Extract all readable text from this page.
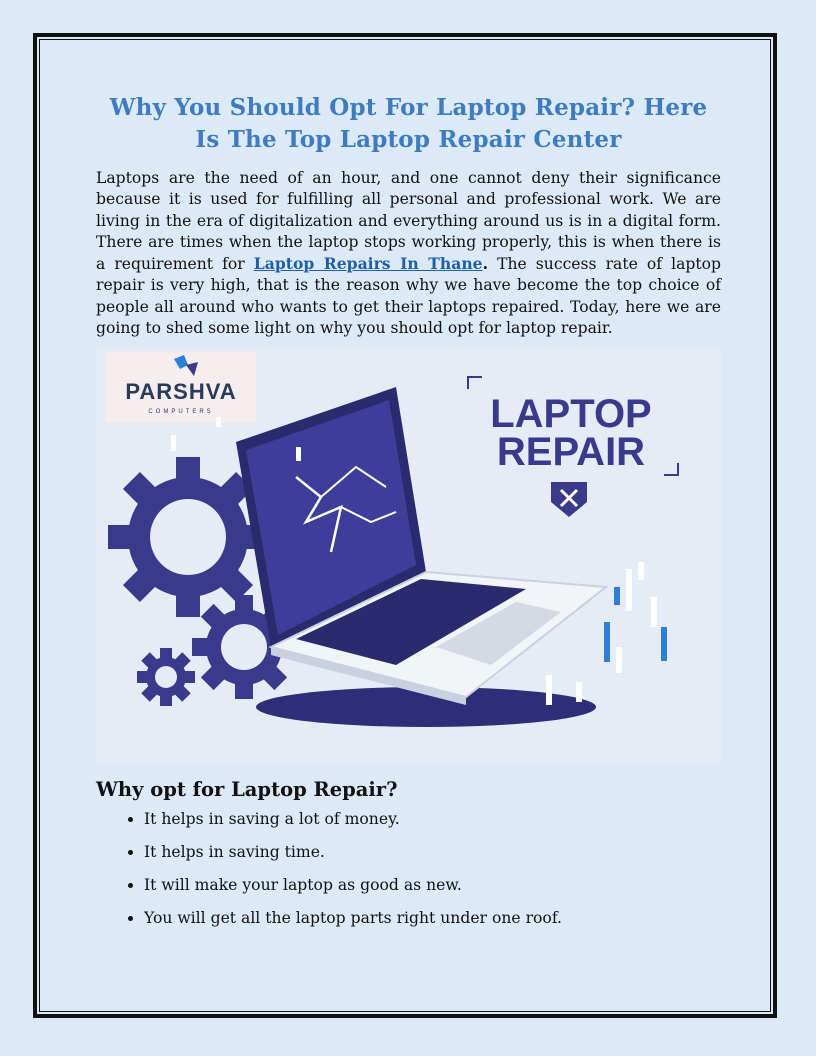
Why You Should Opt For Laptop Repair? Here Is The Top Laptop Repair Center

Laptops are the need of an hour, and one cannot deny their significance because it is used for fulfilling all personal and professional work. We are living in the era of digitalization and everything around us is in a digital form. There are times when the laptop stops working properly, this is when there is a requirement for Laptop Repairs In Thane. The success rate of laptop repair is very high, that is the reason why we have become the top choice of people all around who wants to get their laptops repaired. Today, here we are going to shed some light on why you should opt for laptop repair.

PARSHVA
COMPUTERS	LAPTOP
REPAIR
Why opt for Laptop Repair?
• It helps in saving a lot of money.
• It helps in saving time.
• It will make your laptop as good as new.
• You will get all the laptop parts right under one roof.
